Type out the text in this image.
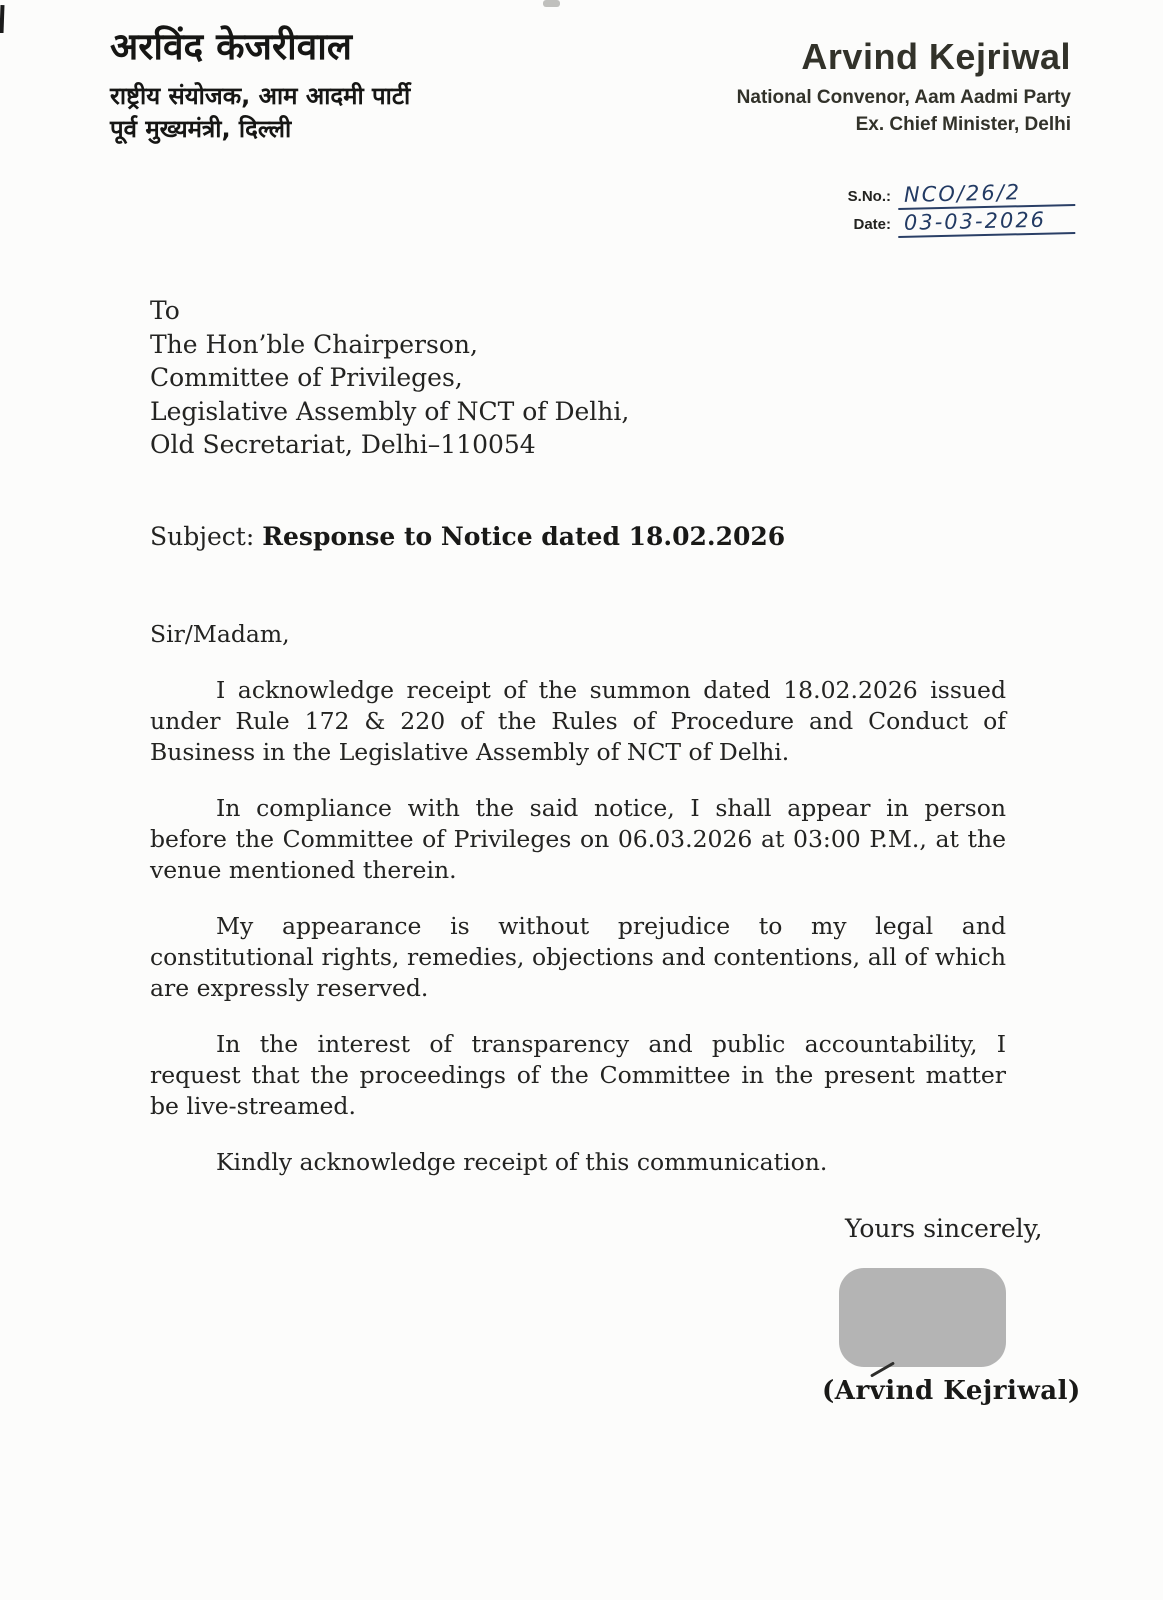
अरविंद केजरीवाल
राष्ट्रीय संयोजक, आम आदमी पार्टी
पूर्व मुख्यमंत्री, दिल्ली
Arvind Kejriwal
National Convenor, Aam Aadmi Party
Ex. Chief Minister, Delhi
S.No.: NCO/26/2
Date: 03-03-2026
To
The Hon’ble Chairperson,
Committee of Privileges,
Legislative Assembly of NCT of Delhi,
Old Secretariat, Delhi–110054
Subject: Response to Notice dated 18.02.2026
Sir/Madam,

I acknowledge receipt of the summon dated 18.02.2026 issued under Rule 172 & 220 of the Rules of Procedure and Conduct of Business in the Legislative Assembly of NCT of Delhi.

In compliance with the said notice, I shall appear in person before the Committee of Privileges on 06.03.2026 at 03:00 P.M., at the venue mentioned therein.

My appearance is without prejudice to my legal and constitutional rights, remedies, objections and contentions, all of which are expressly reserved.

In the interest of transparency and public accountability, I request that the proceedings of the Committee in the present matter be live-streamed.

Kindly acknowledge receipt of this communication.

Yours sincerely,
(Arvind Kejriwal)
